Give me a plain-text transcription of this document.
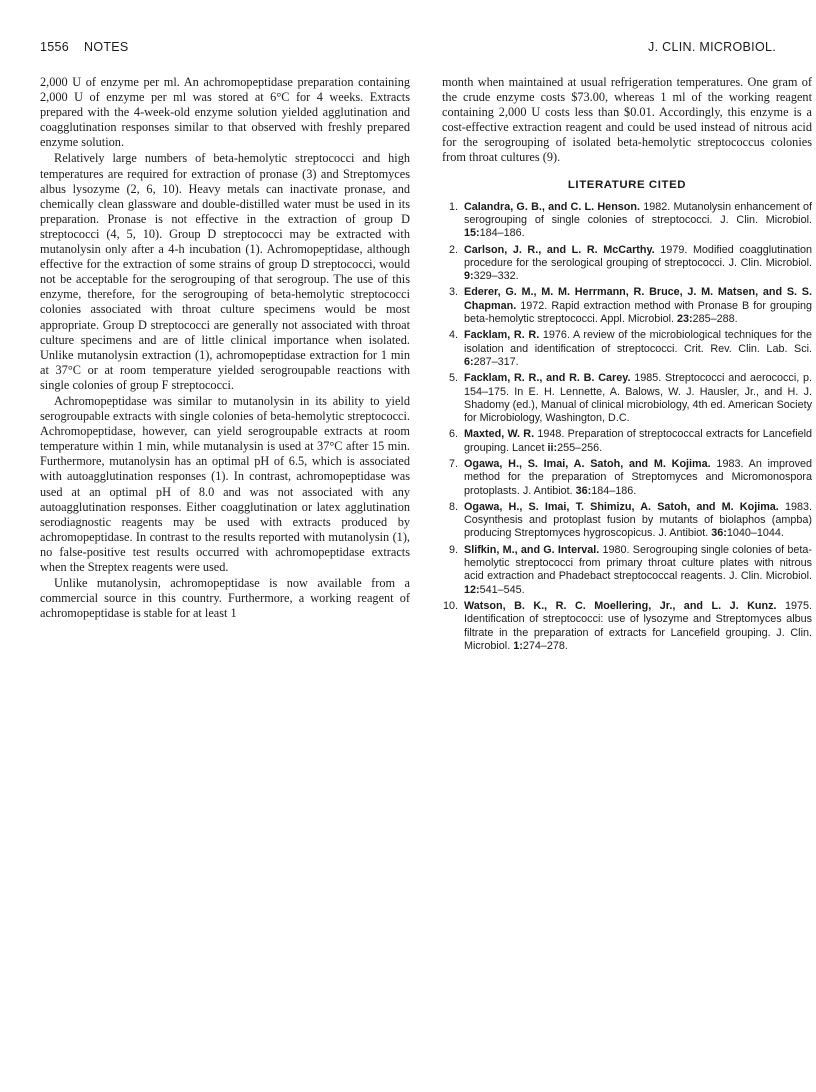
1556 NOTES	J. CLIN. MICROBIOL.

2,000 U of enzyme per ml. An achromopeptidase preparation containing 2,000 U of enzyme per ml was stored at 6°C for 4 weeks. Extracts prepared with the 4-week-old enzyme solution yielded agglutination and coagglutination responses similar to that observed with freshly prepared enzyme solution.

Relatively large numbers of beta-hemolytic streptococci and high temperatures are required for extraction of pronase (3) and Streptomyces albus lysozyme (2, 6, 10). Heavy metals can inactivate pronase, and chemically clean glassware and double-distilled water must be used in its preparation. Pronase is not effective in the extraction of group D streptococci (4, 5, 10). Group D streptococci may be extracted with mutanolysin only after a 4-h incubation (1). Achromopeptidase, although effective for the extraction of some strains of group D streptococci, would not be acceptable for the serogrouping of that serogroup. The use of this enzyme, therefore, for the serogrouping of beta-hemolytic streptococci colonies associated with throat culture specimens would be most appropriate. Group D streptococci are generally not associated with throat culture specimens and are of little clinical importance when isolated. Unlike mutanolysin extraction (1), achromopeptidase extraction for 1 min at 37°C or at room temperature yielded serogroupable reactions with single colonies of group F streptococci.

Achromopeptidase was similar to mutanolysin in its ability to yield serogroupable extracts with single colonies of beta-hemolytic streptococci. Achromopeptidase, however, can yield serogroupable extracts at room temperature within 1 min, while mutanalysin is used at 37°C after 15 min. Furthermore, mutanolysin has an optimal pH of 6.5, which is associated with autoagglutination responses (1). In contrast, achromopeptidase was used at an optimal pH of 8.0 and was not associated with any autoagglutination responses. Either coagglutination or latex agglutination serodiagnostic reagents may be used with extracts produced by achromopeptidase. In contrast to the results reported with mutanolysin (1), no false-positive test results occurred with achromopeptidase extracts when the Streptex reagents were used.

Unlike mutanolysin, achromopeptidase is now available from a commercial source in this country. Furthermore, a working reagent of achromopeptidase is stable for at least 1

month when maintained at usual refrigeration temperatures. One gram of the crude enzyme costs $73.00, whereas 1 ml of the working reagent containing 2,000 U costs less than $0.01. Accordingly, this enzyme is a cost-effective extraction reagent and could be used instead of nitrous acid for the serogrouping of isolated beta-hemolytic streptococcus colonies from throat cultures (9).

LITERATURE CITED
1. Calandra, G. B., and C. L. Henson. 1982. Mutanolysin enhancement of serogrouping of single colonies of streptococci. J. Clin. Microbiol. 15:184–186.
2. Carlson, J. R., and L. R. McCarthy. 1979. Modified coagglutination procedure for the serological grouping of streptococci. J. Clin. Microbiol. 9:329–332.
3. Ederer, G. M., M. M. Herrmann, R. Bruce, J. M. Matsen, and S. S. Chapman. 1972. Rapid extraction method with Pronase B for grouping beta-hemolytic streptococci. Appl. Microbiol. 23:285–288.
4. Facklam, R. R. 1976. A review of the microbiological techniques for the isolation and identification of streptococci. Crit. Rev. Clin. Lab. Sci. 6:287–317.
5. Facklam, R. R., and R. B. Carey. 1985. Streptococci and aerococci, p. 154–175. In E. H. Lennette, A. Balows, W. J. Hausler, Jr., and H. J. Shadomy (ed.), Manual of clinical microbiology, 4th ed. American Society for Microbiology, Washington, D.C.
6. Maxted, W. R. 1948. Preparation of streptococcal extracts for Lancefield grouping. Lancet ii:255–256.
7. Ogawa, H., S. Imai, A. Satoh, and M. Kojima. 1983. An improved method for the preparation of Streptomyces and Micromonospora protoplasts. J. Antibiot. 36:184–186.
8. Ogawa, H., S. Imai, T. Shimizu, A. Satoh, and M. Kojima. 1983. Cosynthesis and protoplast fusion by mutants of biolaphos (ampba) producing Streptomyces hygroscopicus. J. Antibiot. 36:1040–1044.
9. Slifkin, M., and G. Interval. 1980. Serogrouping single colonies of beta-hemolytic streptococci from primary throat culture plates with nitrous acid extraction and Phadebact streptococcal reagents. J. Clin. Microbiol. 12:541–545.
10. Watson, B. K., R. C. Moellering, Jr., and L. J. Kunz. 1975. Identification of streptococci: use of lysozyme and Streptomyces albus filtrate in the preparation of extracts for Lancefield grouping. J. Clin. Microbiol. 1:274–278.
